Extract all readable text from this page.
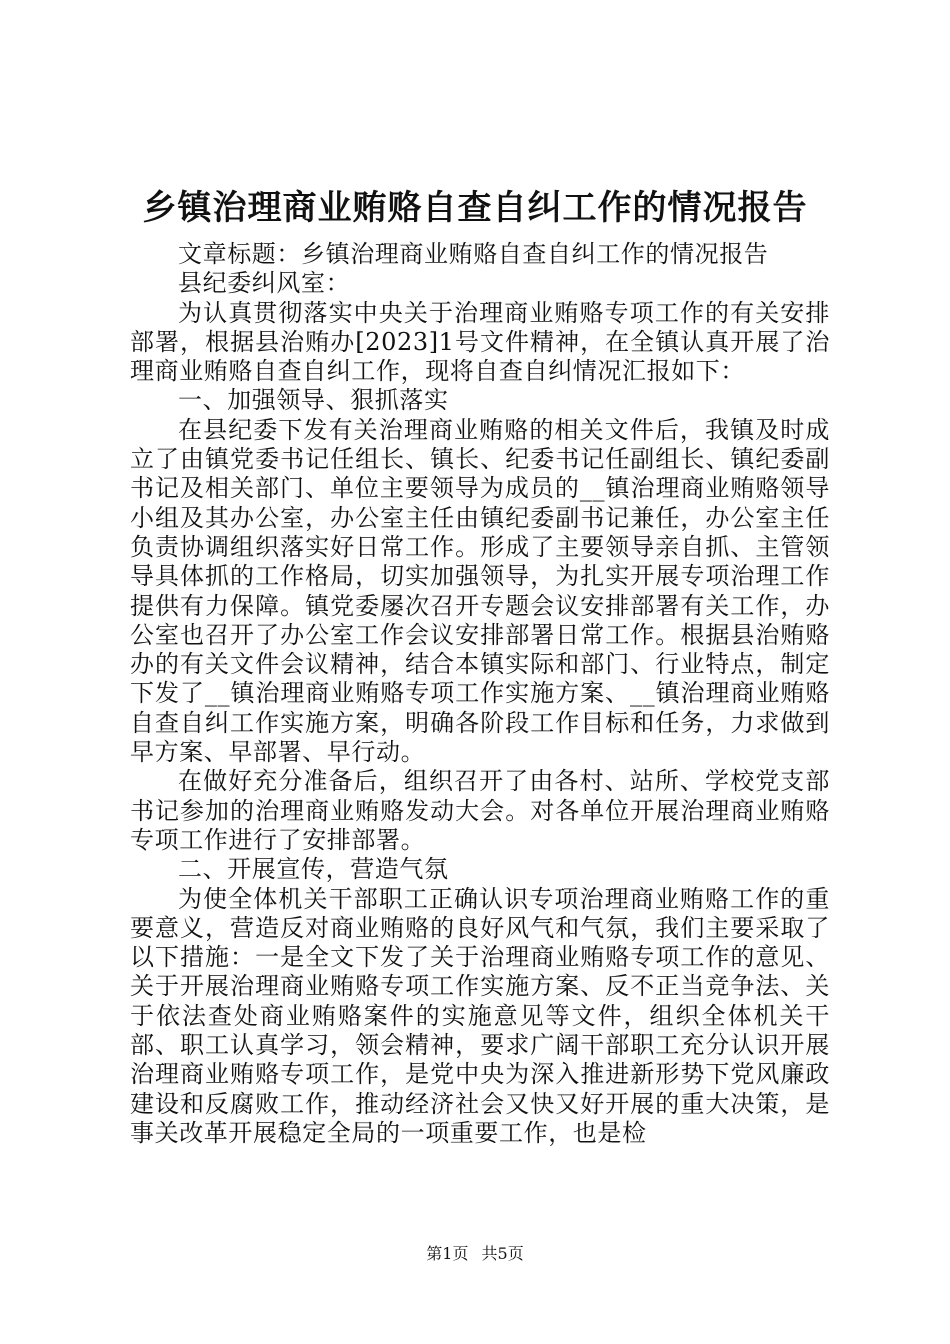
乡镇治理商业贿赂自查自纠工作的情况报告

文章标题：乡镇治理商业贿赂自查自纠工作的情况报告

县纪委纠风室：

为认真贯彻落实中央关于治理商业贿赂专项工作的有关安排部署，根据县治贿办[2023]1号文件精神，在全镇认真开展了治理商业贿赂自查自纠工作，现将自查自纠情况汇报如下：

一、加强领导、狠抓落实

在县纪委下发有关治理商业贿赂的相关文件后，我镇及时成立了由镇党委书记任组长、镇长、纪委书记任副组长、镇纪委副书记及相关部门、单位主要领导为成员的__镇治理商业贿赂领导小组及其办公室，办公室主任由镇纪委副书记兼任，办公室主任负责协调组织落实好日常工作。形成了主要领导亲自抓、主管领导具体抓的工作格局，切实加强领导，为扎实开展专项治理工作提供有力保障。镇党委屡次召开专题会议安排部署有关工作，办公室也召开了办公室工作会议安排部署日常工作。根据县治贿赂办的有关文件会议精神，结合本镇实际和部门、行业特点，制定下发了__镇治理商业贿赂专项工作实施方案、__镇治理商业贿赂自查自纠工作实施方案，明确各阶段工作目标和任务，力求做到早方案、早部署、早行动。

在做好充分准备后，组织召开了由各村、站所、学校党支部书记参加的治理商业贿赂发动大会。对各单位开展治理商业贿赂专项工作进行了安排部署。

二、开展宣传，营造气氛

为使全体机关干部职工正确认识专项治理商业贿赂工作的重要意义，营造反对商业贿赂的良好风气和气氛，我们主要采取了以下措施：一是全文下发了关于治理商业贿赂专项工作的意见、关于开展治理商业贿赂专项工作实施方案、反不正当竞争法、关于依法查处商业贿赂案件的实施意见等文件，组织全体机关干部、职工认真学习，领会精神，要求广阔干部职工充分认识开展治理商业贿赂专项工作，是党中央为深入推进新形势下党风廉政建设和反腐败工作，推动经济社会又快又好开展的重大决策，是事关改革开展稳定全局的一项重要工作，也是检

第1页 共5页
